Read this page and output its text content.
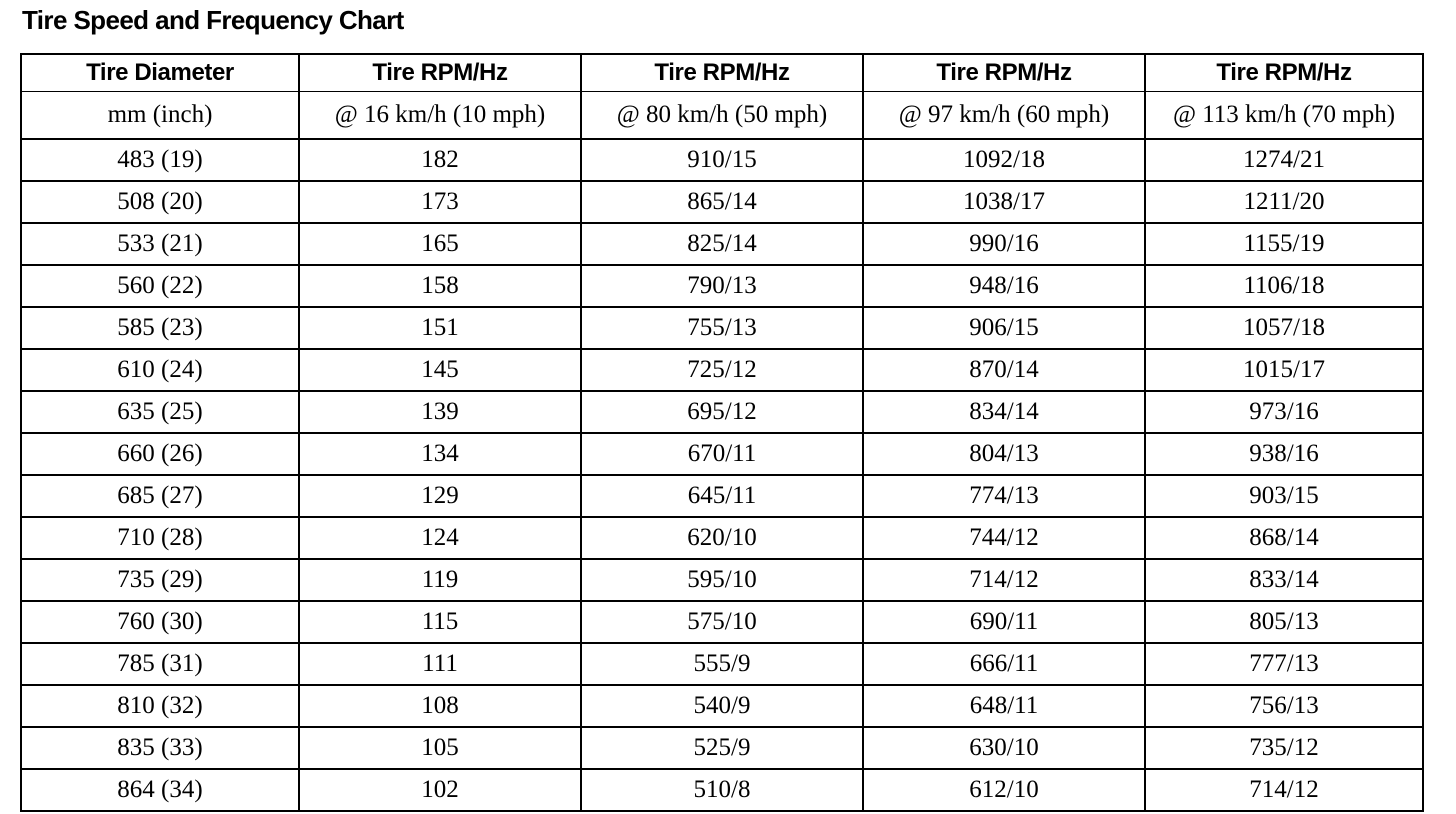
Tire Speed and Frequency Chart
Tire Diameter	Tire RPM/Hz	Tire RPM/Hz	Tire RPM/Hz	Tire RPM/Hz
mm (inch)	@ 16 km/h (10 mph)	@ 80 km/h (50 mph)	@ 97 km/h (60 mph)	@ 113 km/h (70 mph)
483 (19)	182	910/15	1092/18	1274/21
508 (20)	173	865/14	1038/17	1211/20
533 (21)	165	825/14	990/16	1155/19
560 (22)	158	790/13	948/16	1106/18
585 (23)	151	755/13	906/15	1057/18
610 (24)	145	725/12	870/14	1015/17
635 (25)	139	695/12	834/14	973/16
660 (26)	134	670/11	804/13	938/16
685 (27)	129	645/11	774/13	903/15
710 (28)	124	620/10	744/12	868/14
735 (29)	119	595/10	714/12	833/14
760 (30)	115	575/10	690/11	805/13
785 (31)	111	555/9	666/11	777/13
810 (32)	108	540/9	648/11	756/13
835 (33)	105	525/9	630/10	735/12
864 (34)	102	510/8	612/10	714/12
